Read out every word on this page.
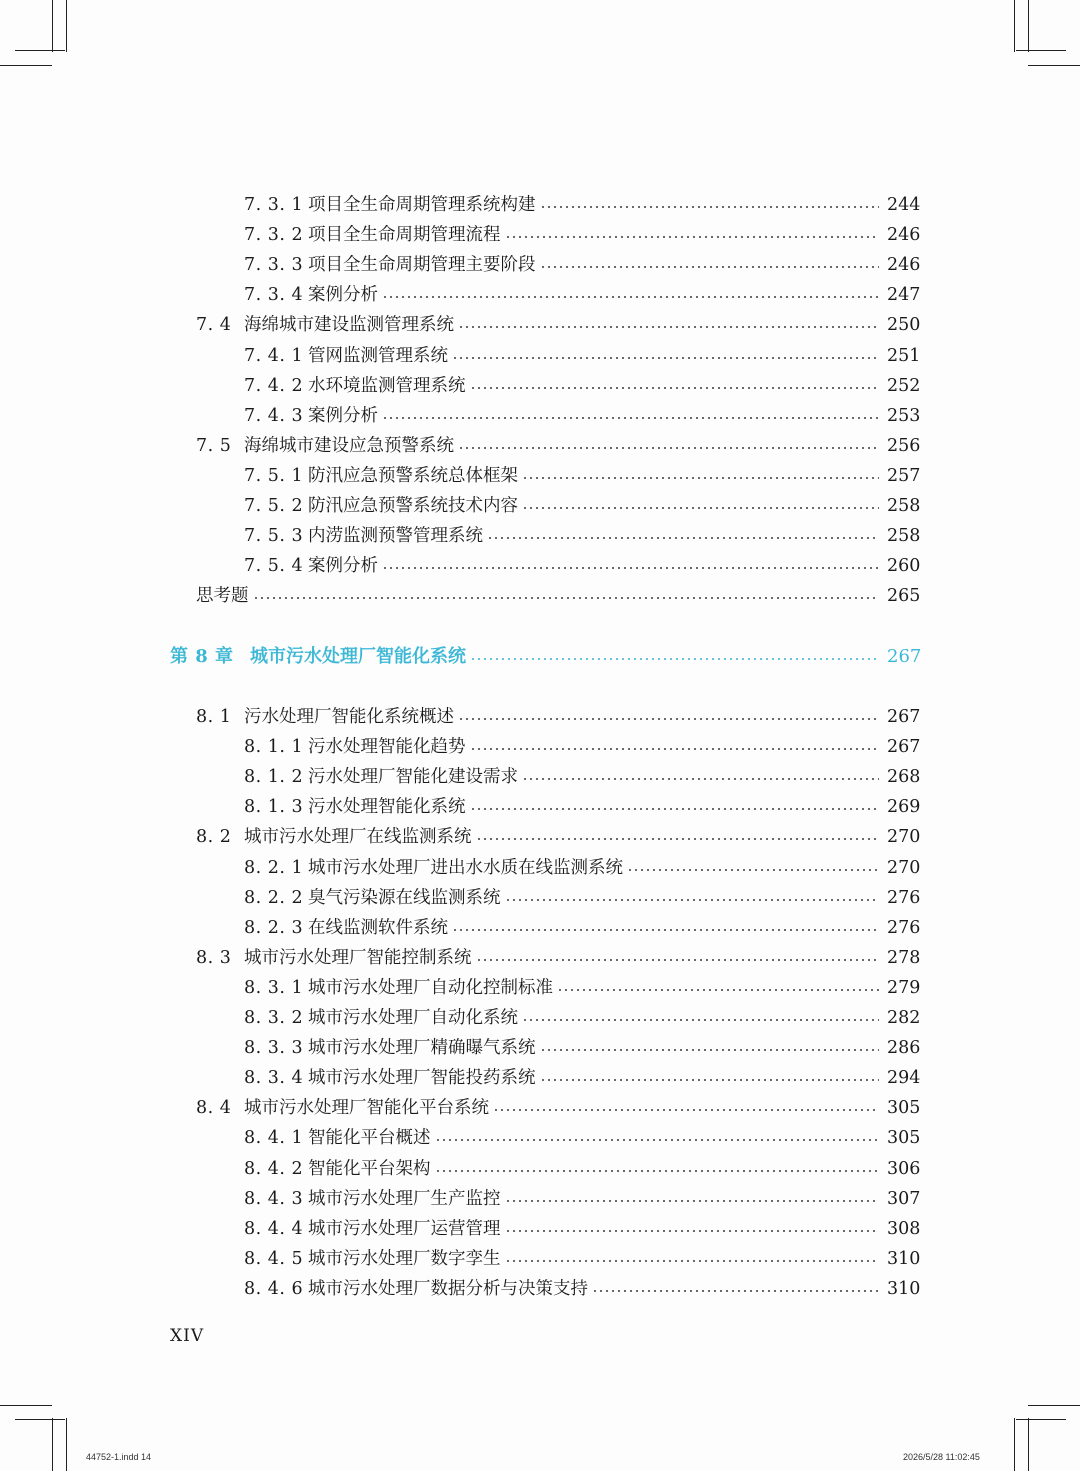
7. 3. 1 项目全生命周期管理系统构建	244
7. 3. 2 项目全生命周期管理流程	246
7. 3. 3 项目全生命周期管理主要阶段	246
7. 3. 4 案例分析	247
7. 4 海绵城市建设监测管理系统	250
7. 4. 1 管网监测管理系统	251
7. 4. 2 水环境监测管理系统	252
7. 4. 3 案例分析	253
7. 5 海绵城市建设应急预警系统	256
7. 5. 1 防汛应急预警系统总体框架	257
7. 5. 2 防汛应急预警系统技术内容	258
7. 5. 3 内涝监测预警管理系统	258
7. 5. 4 案例分析	260
思考题	265
第 8 章 城市污水处理厂智能化系统	267
8. 1 污水处理厂智能化系统概述	267
8. 1. 1 污水处理智能化趋势	267
8. 1. 2 污水处理厂智能化建设需求	268
8. 1. 3 污水处理智能化系统	269
8. 2 城市污水处理厂在线监测系统	270
8. 2. 1 城市污水处理厂进出水水质在线监测系统	270
8. 2. 2 臭气污染源在线监测系统	276
8. 2. 3 在线监测软件系统	276
8. 3 城市污水处理厂智能控制系统	278
8. 3. 1 城市污水处理厂自动化控制标准	279
8. 3. 2 城市污水处理厂自动化系统	282
8. 3. 3 城市污水处理厂精确曝气系统	286
8. 3. 4 城市污水处理厂智能投药系统	294
8. 4 城市污水处理厂智能化平台系统	305
8. 4. 1 智能化平台概述	305
8. 4. 2 智能化平台架构	306
8. 4. 3 城市污水处理厂生产监控	307
8. 4. 4 城市污水处理厂运营管理	308
8. 4. 5 城市污水处理厂数字孪生	310
8. 4. 6 城市污水处理厂数据分析与决策支持	310
XIV
44752-1.indd 14	2026/5/28 11:02:45
